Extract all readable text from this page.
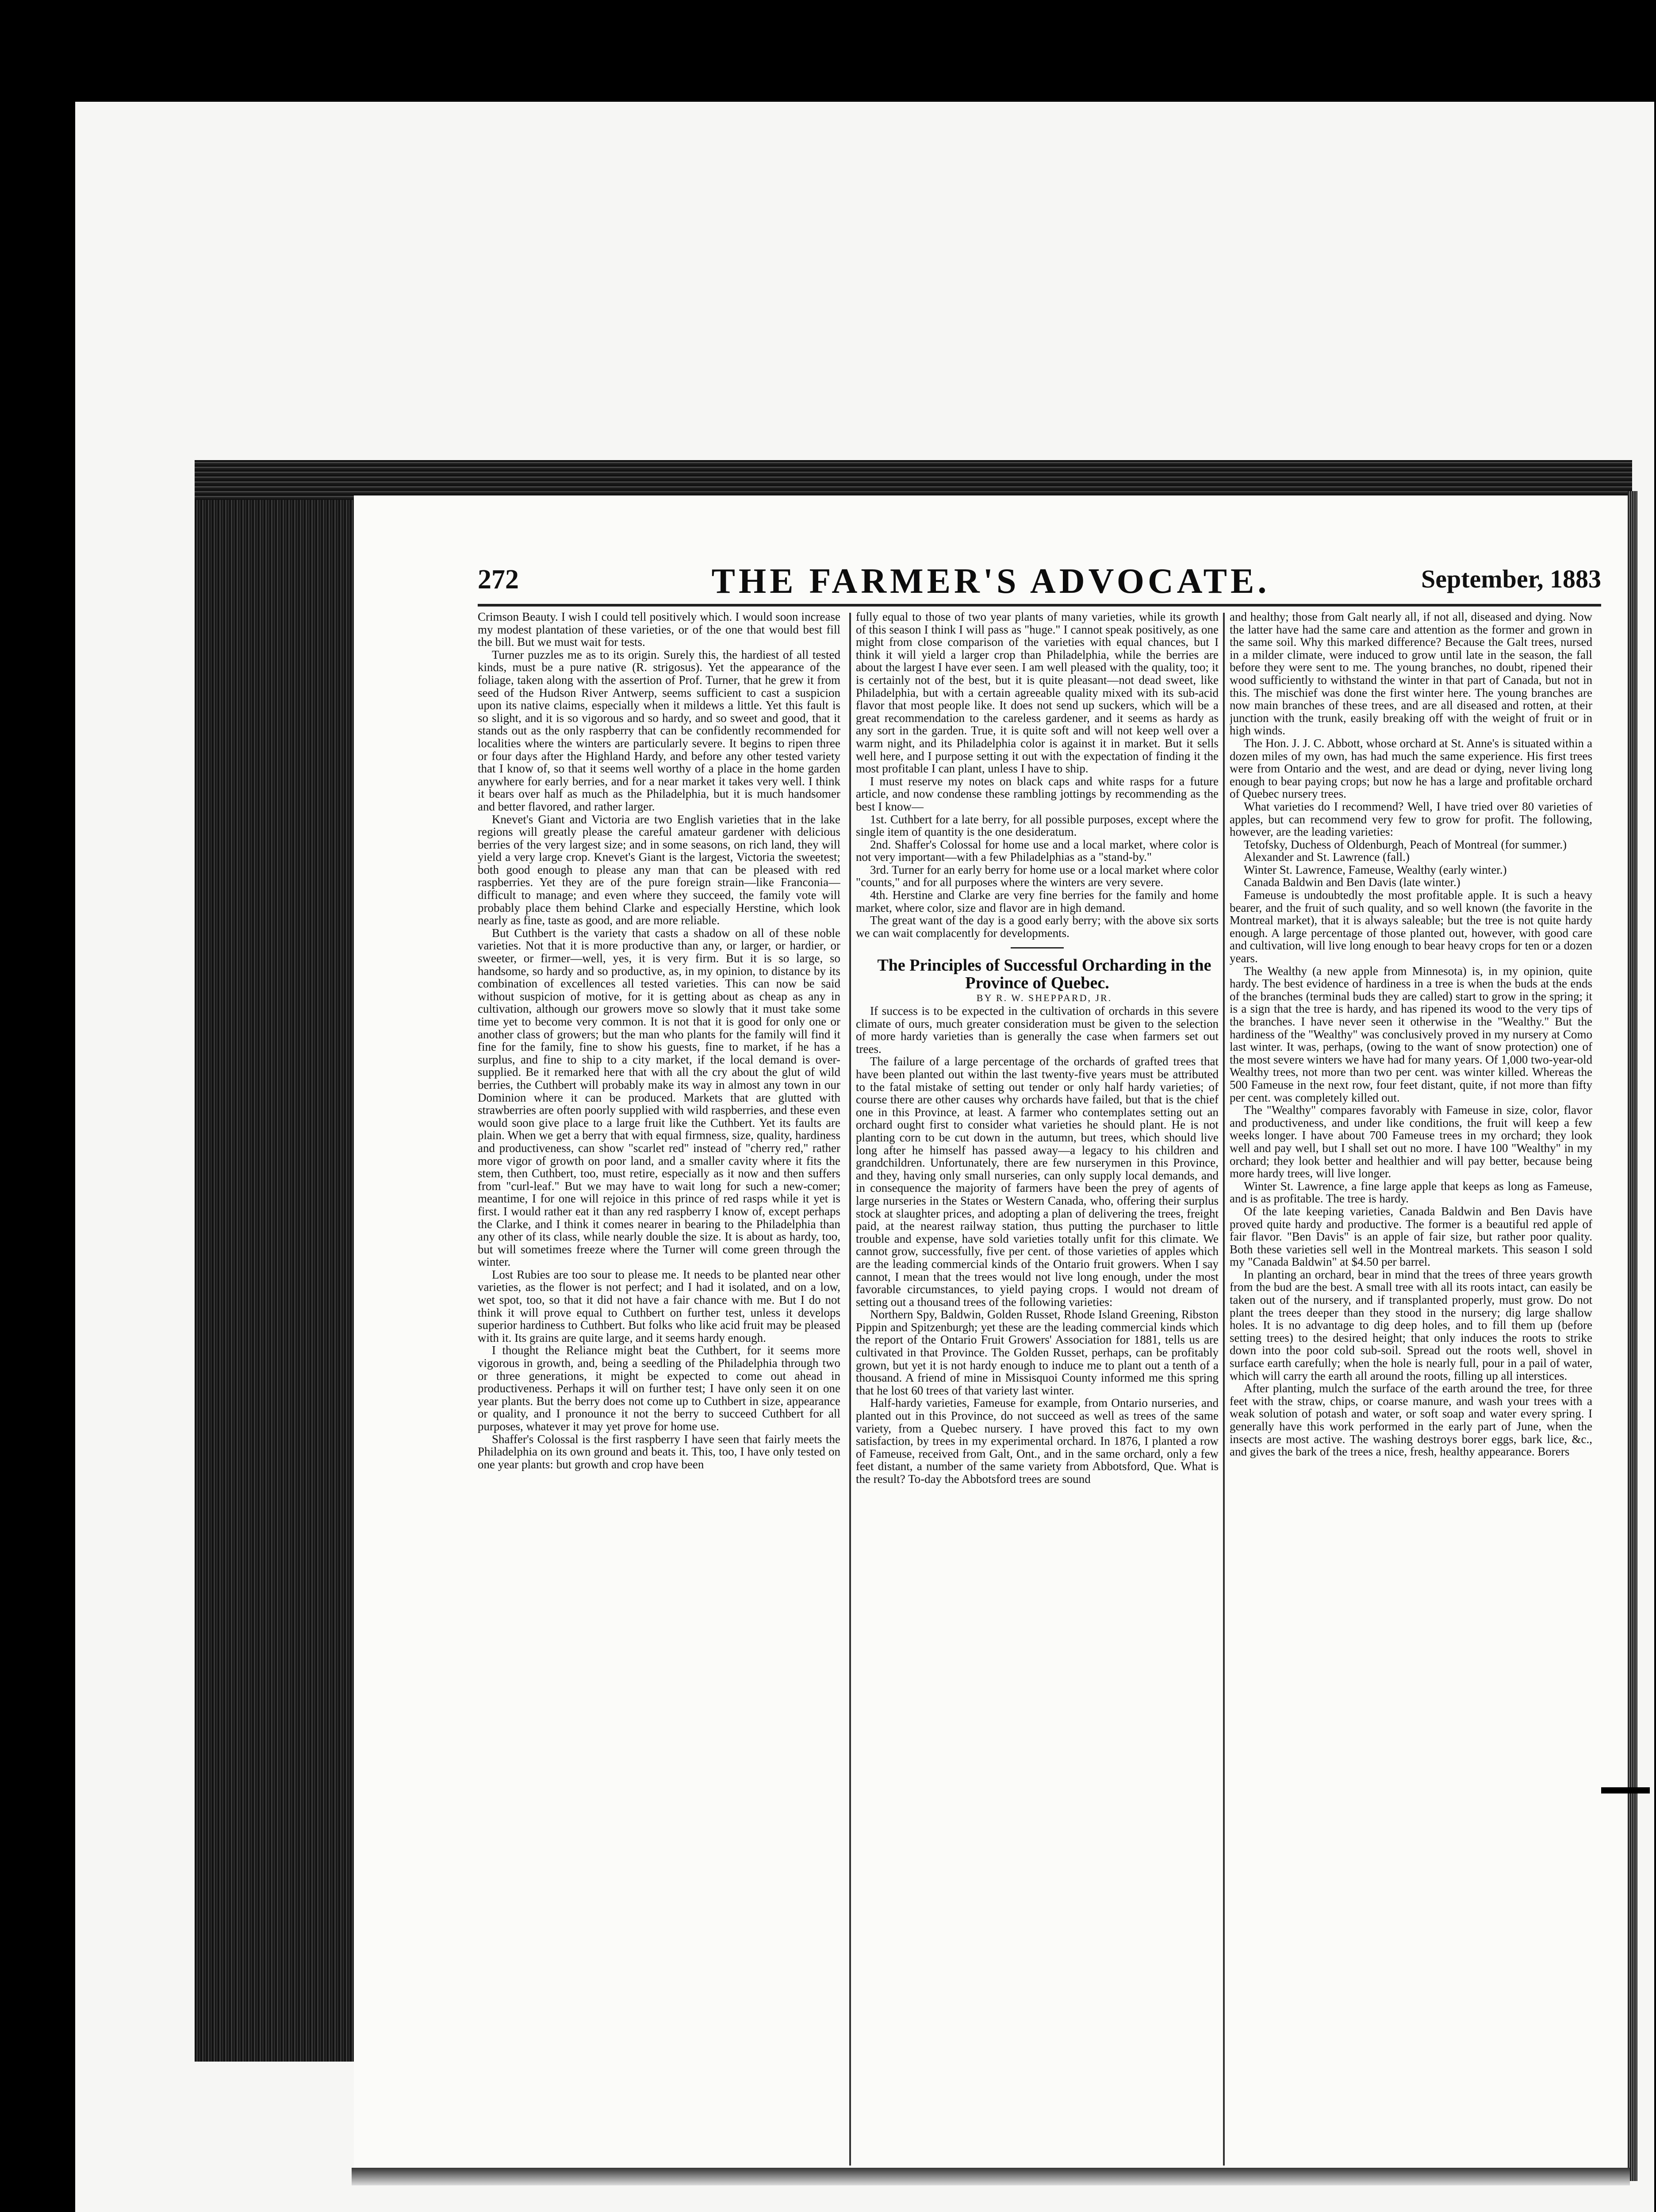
272	THE FARMER'S ADVOCATE.	September, 1883

Crimson Beauty. I wish I could tell positively which. I would soon increase my modest plantation of these varieties, or of the one that would best fill the bill. But we must wait for tests.

Turner puzzles me as to its origin. Surely this, the hardiest of all tested kinds, must be a pure native (R. strigosus). Yet the appearance of the foliage, taken along with the assertion of Prof. Turner, that he grew it from seed of the Hudson River Antwerp, seems sufficient to cast a suspicion upon its native claims, especially when it mildews a little. Yet this fault is so slight, and it is so vigorous and so hardy, and so sweet and good, that it stands out as the only raspberry that can be confidently recommended for localities where the winters are particularly severe. It begins to ripen three or four days after the Highland Hardy, and before any other tested variety that I know of, so that it seems well worthy of a place in the home garden anywhere for early berries, and for a near market it takes very well. I think it bears over half as much as the Philadelphia, but it is much handsomer and better flavored, and rather larger.

Knevet's Giant and Victoria are two English varieties that in the lake regions will greatly please the careful amateur gardener with delicious berries of the very largest size; and in some seasons, on rich land, they will yield a very large crop. Knevet's Giant is the largest, Victoria the sweetest; both good enough to please any man that can be pleased with red raspberries. Yet they are of the pure foreign strain—like Franconia—difficult to manage; and even where they succeed, the family vote will probably place them behind Clarke and especially Herstine, which look nearly as fine, taste as good, and are more reliable.

But Cuthbert is the variety that casts a shadow on all of these noble varieties. Not that it is more productive than any, or larger, or hardier, or sweeter, or firmer—well, yes, it is very firm. But it is so large, so handsome, so hardy and so productive, as, in my opinion, to distance by its combination of excellences all tested varieties. This can now be said without suspicion of motive, for it is getting about as cheap as any in cultivation, although our growers move so slowly that it must take some time yet to become very common. It is not that it is good for only one or another class of growers; but the man who plants for the family will find it fine for the family, fine to show his guests, fine to market, if he has a surplus, and fine to ship to a city market, if the local demand is over-supplied. Be it remarked here that with all the cry about the glut of wild berries, the Cuthbert will probably make its way in almost any town in our Dominion where it can be produced. Markets that are glutted with strawberries are often poorly supplied with wild raspberries, and these even would soon give place to a large fruit like the Cuthbert. Yet its faults are plain. When we get a berry that with equal firmness, size, quality, hardiness and productiveness, can show "scarlet red" instead of "cherry red," rather more vigor of growth on poor land, and a smaller cavity where it fits the stem, then Cuthbert, too, must retire, especially as it now and then suffers from "curl-leaf." But we may have to wait long for such a new-comer; meantime, I for one will rejoice in this prince of red rasps while it yet is first. I would rather eat it than any red raspberry I know of, except perhaps the Clarke, and I think it comes nearer in bearing to the Philadelphia than any other of its class, while nearly double the size. It is about as hardy, too, but will sometimes freeze where the Turner will come green through the winter.

Lost Rubies are too sour to please me. It needs to be planted near other varieties, as the flower is not perfect; and I had it isolated, and on a low, wet spot, too, so that it did not have a fair chance with me. But I do not think it will prove equal to Cuthbert on further test, unless it develops superior hardiness to Cuthbert. But folks who like acid fruit may be pleased with it. Its grains are quite large, and it seems hardy enough.

I thought the Reliance might beat the Cuthbert, for it seems more vigorous in growth, and, being a seedling of the Philadelphia through two or three generations, it might be expected to come out ahead in productiveness. Perhaps it will on further test; I have only seen it on one year plants. But the berry does not come up to Cuthbert in size, appearance or quality, and I pronounce it not the berry to succeed Cuthbert for all purposes, whatever it may yet prove for home use.

Shaffer's Colossal is the first raspberry I have seen that fairly meets the Philadelphia on its own ground and beats it. This, too, I have only tested on one year plants: but growth and crop have been

fully equal to those of two year plants of many varieties, while its growth of this season I think I will pass as "huge." I cannot speak positively, as one might from close comparison of the varieties with equal chances, but I think it will yield a larger crop than Philadelphia, while the berries are about the largest I have ever seen. I am well pleased with the quality, too; it is certainly not of the best, but it is quite pleasant—not dead sweet, like Philadelphia, but with a certain agreeable quality mixed with its sub-acid flavor that most people like. It does not send up suckers, which will be a great recommendation to the careless gardener, and it seems as hardy as any sort in the garden. True, it is quite soft and will not keep well over a warm night, and its Philadelphia color is against it in market. But it sells well here, and I purpose setting it out with the expectation of finding it the most profitable I can plant, unless I have to ship.

I must reserve my notes on black caps and white rasps for a future article, and now condense these rambling jottings by recommending as the best I know—

1st. Cuthbert for a late berry, for all possible purposes, except where the single item of quantity is the one desideratum.

2nd. Shaffer's Colossal for home use and a local market, where color is not very important—with a few Philadelphias as a "stand-by."

3rd. Turner for an early berry for home use or a local market where color "counts," and for all purposes where the winters are very severe.

4th. Herstine and Clarke are very fine berries for the family and home market, where color, size and flavor are in high demand.

The great want of the day is a good early berry; with the above six sorts we can wait complacently for developments.

The Principles of Successful Orcharding in the Province of Quebec.

BY R. W. SHEPPARD, JR.

If success is to be expected in the cultivation of orchards in this severe climate of ours, much greater consideration must be given to the selection of more hardy varieties than is generally the case when farmers set out trees.

The failure of a large percentage of the orchards of grafted trees that have been planted out within the last twenty-five years must be attributed to the fatal mistake of setting out tender or only half hardy varieties; of course there are other causes why orchards have failed, but that is the chief one in this Province, at least. A farmer who contemplates setting out an orchard ought first to consider what varieties he should plant. He is not planting corn to be cut down in the autumn, but trees, which should live long after he himself has passed away—a legacy to his children and grandchildren. Unfortunately, there are few nurserymen in this Province, and they, having only small nurseries, can only supply local demands, and in consequence the majority of farmers have been the prey of agents of large nurseries in the States or Western Canada, who, offering their surplus stock at slaughter prices, and adopting a plan of delivering the trees, freight paid, at the nearest railway station, thus putting the purchaser to little trouble and expense, have sold varieties totally unfit for this climate. We cannot grow, successfully, five per cent. of those varieties of apples which are the leading commercial kinds of the Ontario fruit growers. When I say cannot, I mean that the trees would not live long enough, under the most favorable circumstances, to yield paying crops. I would not dream of setting out a thousand trees of the following varieties:

Northern Spy, Baldwin, Golden Russet, Rhode Island Greening, Ribston Pippin and Spitzenburgh; yet these are the leading commercial kinds which the report of the Ontario Fruit Growers' Association for 1881, tells us are cultivated in that Province. The Golden Russet, perhaps, can be profitably grown, but yet it is not hardy enough to induce me to plant out a tenth of a thousand. A friend of mine in Missisquoi County informed me this spring that he lost 60 trees of that variety last winter.

Half-hardy varieties, Fameuse for example, from Ontario nurseries, and planted out in this Province, do not succeed as well as trees of the same variety, from a Quebec nursery. I have proved this fact to my own satisfaction, by trees in my experimental orchard. In 1876, I planted a row of Fameuse, received from Galt, Ont., and in the same orchard, only a few feet distant, a number of the same variety from Abbotsford, Que. What is the result? To-day the Abbotsford trees are sound

and healthy; those from Galt nearly all, if not all, diseased and dying. Now the latter have had the same care and attention as the former and grown in the same soil. Why this marked difference? Because the Galt trees, nursed in a milder climate, were induced to grow until late in the season, the fall before they were sent to me. The young branches, no doubt, ripened their wood sufficiently to withstand the winter in that part of Canada, but not in this. The mischief was done the first winter here. The young branches are now main branches of these trees, and are all diseased and rotten, at their junction with the trunk, easily breaking off with the weight of fruit or in high winds.

The Hon. J. J. C. Abbott, whose orchard at St. Anne's is situated within a dozen miles of my own, has had much the same experience. His first trees were from Ontario and the west, and are dead or dying, never living long enough to bear paying crops; but now he has a large and profitable orchard of Quebec nursery trees.

What varieties do I recommend? Well, I have tried over 80 varieties of apples, but can recommend very few to grow for profit. The following, however, are the leading varieties:

Tetofsky, Duchess of Oldenburgh, Peach of Montreal (for summer.)

Alexander and St. Lawrence (fall.)

Winter St. Lawrence, Fameuse, Wealthy (early winter.)

Canada Baldwin and Ben Davis (late winter.)

Fameuse is undoubtedly the most profitable apple. It is such a heavy bearer, and the fruit of such quality, and so well known (the favorite in the Montreal market), that it is always saleable; but the tree is not quite hardy enough. A large percentage of those planted out, however, with good care and cultivation, will live long enough to bear heavy crops for ten or a dozen years.

The Wealthy (a new apple from Minnesota) is, in my opinion, quite hardy. The best evidence of hardiness in a tree is when the buds at the ends of the branches (terminal buds they are called) start to grow in the spring; it is a sign that the tree is hardy, and has ripened its wood to the very tips of the branches. I have never seen it otherwise in the "Wealthy." But the hardiness of the "Wealthy" was conclusively proved in my nursery at Como last winter. It was, perhaps, (owing to the want of snow protection) one of the most severe winters we have had for many years. Of 1,000 two-year-old Wealthy trees, not more than two per cent. was winter killed. Whereas the 500 Fameuse in the next row, four feet distant, quite, if not more than fifty per cent. was completely killed out.

The "Wealthy" compares favorably with Fameuse in size, color, flavor and productiveness, and under like conditions, the fruit will keep a few weeks longer. I have about 700 Fameuse trees in my orchard; they look well and pay well, but I shall set out no more. I have 100 "Wealthy" in my orchard; they look better and healthier and will pay better, because being more hardy trees, will live longer.

Winter St. Lawrence, a fine large apple that keeps as long as Fameuse, and is as profitable. The tree is hardy.

Of the late keeping varieties, Canada Baldwin and Ben Davis have proved quite hardy and productive. The former is a beautiful red apple of fair flavor. "Ben Davis" is an apple of fair size, but rather poor quality. Both these varieties sell well in the Montreal markets. This season I sold my "Canada Baldwin" at $4.50 per barrel.

In planting an orchard, bear in mind that the trees of three years growth from the bud are the best. A small tree with all its roots intact, can easily be taken out of the nursery, and if transplanted properly, must grow. Do not plant the trees deeper than they stood in the nursery; dig large shallow holes. It is no advantage to dig deep holes, and to fill them up (before setting trees) to the desired height; that only induces the roots to strike down into the poor cold sub-soil. Spread out the roots well, shovel in surface earth carefully; when the hole is nearly full, pour in a pail of water, which will carry the earth all around the roots, filling up all interstices.

After planting, mulch the surface of the earth around the tree, for three feet with the straw, chips, or coarse manure, and wash your trees with a weak solution of potash and water, or soft soap and water every spring. I generally have this work performed in the early part of June, when the insects are most active. The washing destroys borer eggs, bark lice, &c., and gives the bark of the trees a nice, fresh, healthy appearance. Borers
